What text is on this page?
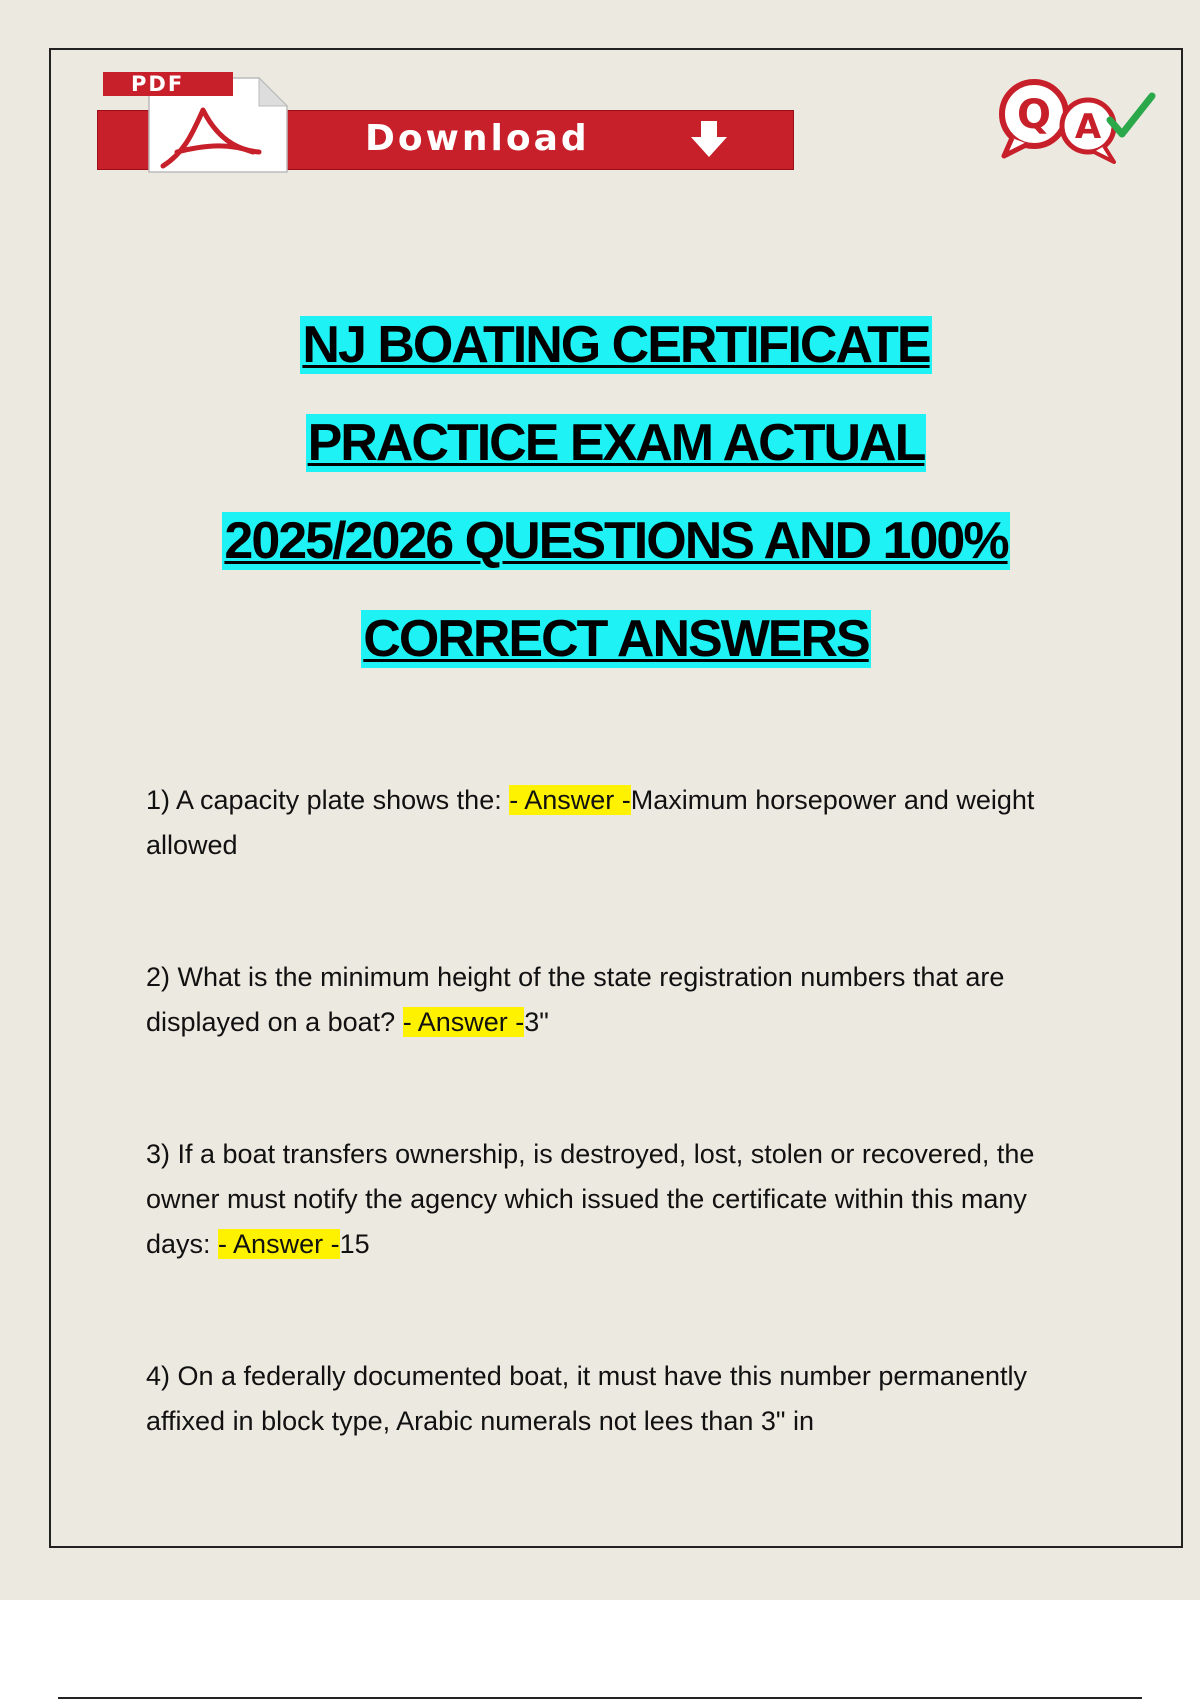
Download
PDF
Q A
NJ BOATING CERTIFICATE
PRACTICE EXAM ACTUAL
2025/2026 QUESTIONS AND 100%
CORRECT ANSWERS
1) A capacity plate shows the: - Answer -Maximum horsepower and weight allowed
2) What is the minimum height of the state registration numbers that are displayed on a boat? - Answer -3"
3) If a boat transfers ownership, is destroyed, lost, stolen or recovered, the owner must notify the agency which issued the certificate within this many days: - Answer -15
4) On a federally documented boat, it must have this number permanently affixed in block type, Arabic numerals not lees than 3" in
